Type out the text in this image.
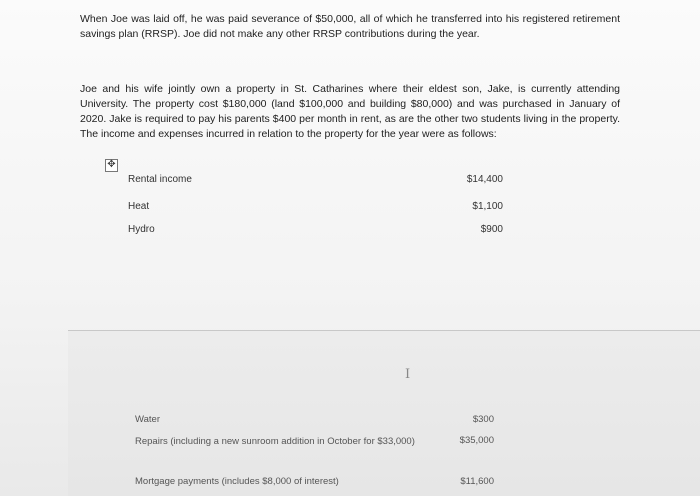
When Joe was laid off, he was paid severance of $50,000, all of which he transferred into his registered retirement savings plan (RRSP). Joe did not make any other RRSP contributions during the year.
Joe and his wife jointly own a property in St. Catharines where their eldest son, Jake, is currently attending University. The property cost $180,000 (land $100,000 and building $80,000) and was purchased in January of 2020. Jake is required to pay his parents $400 per month in rent, as are the other two students living in the property. The income and expenses incurred in relation to the property for the year were as follows:
✥
Rental income	$14,400
Heat	$1,100
Hydro	$900
I
Water	$300
Repairs (including a new sunroom addition in October for $33,000)	$35,000
Mortgage payments (includes $8,000 of interest)	$11,600
